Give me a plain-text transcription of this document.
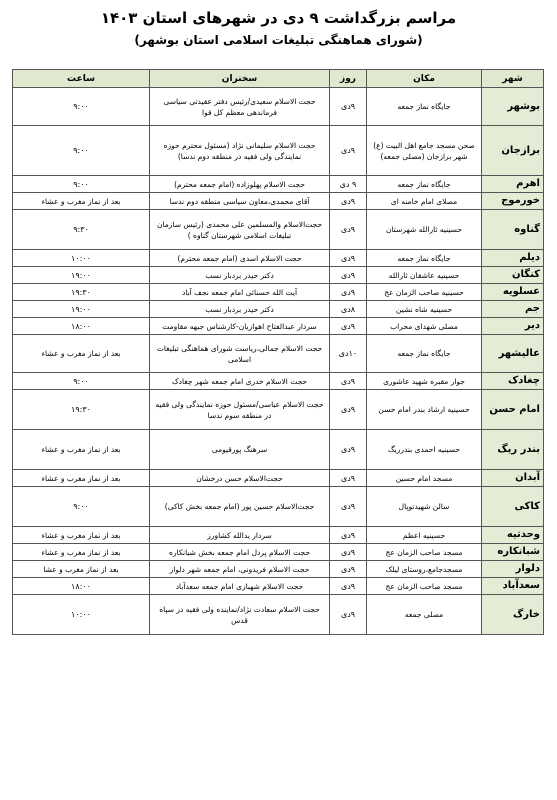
مراسم بزرگداشت ۹ دی در شهرهای استان ۱۴۰۳
(شورای هماهنگی تبلیغات اسلامی استان بوشهر)
شهر	مکان	روز	سخنران	ساعت
بوشهر	جایگاه نماز جمعه	۹دی	حجت الاسلام سعیدی/رئیس دفتر عقیدتی سیاسی فرماندهی معظم کل قوا	۹:۰۰
برازجان	صحن مسجد جامع اهل البیت (ع) شهر برازجان (مصلی جمعه)	۹دی	حجت الاسلام سلیمانی نژاد (مسئول محترم حوزه نمایندگی ولی فقیه در منطقه دوم ندسا)	۹:۰۰
اهرم	جایگاه نماز جمعه	۹ دی	حجت الاسلام پهلوزاده (امام جمعه محترم)	۹:۰۰
خورموج	مصلای امام خامنه ای	۹دی	آقای محمدی،معاون سیاسی منطقه دوم ندسا	بعد از نماز مغرب و عشاء
گناوه	حسینیه ثارالله شهرستان	۹دی	حجت‌الاسلام والمسلمین علی محمدی (رئیس سازمان تبلیغات اسلامی شهرستان گناوه )	۹:۳۰
دیلم	جایگاه نماز جمعه	۹دی	حجت الاسلام اسدی (امام جمعه محترم)	۱۰:۰۰
کنگان	حسینیه عاشقان ثارالله	۹دی	دکتر حیدر بردبار نسب	۱۹:۰۰
عسلویه	حسینیه صاحب الزمان عج	۹دی	آیت الله حسنائی امام جمعه نجف آباد	۱۹:۳۰
جم	حسینیه شاه نشین	۸دی	دکتر حیدر بردبار نسب	۱۹:۰۰
دیر	مصلی شهدای محراب	۹دی	سردار عبدالفتاح اهوازیان-کارشناس جبهه مقاومت	۱۸:۰۰
عالیشهر	جایگاه نماز جمعه	۱۰دی	حجت الاسلام جمالی،ریاست شورای هماهنگی تبلیغات اسلامی	بعد از نماز مغرب و عشاء
چغادک	جوار مقبره شهید عاشوری	۹دی	حجت الاسلام خدری امام جمعه شهر چغادک	۹:۰۰
امام حسن	حسینیه ارشاد بندر امام حسن	۹دی	حجت الاسلام عباسی/مسئول حوزه نمایندگی ولی فقیه در منطقه سوم ندسا	۱۹:۳۰
بندر ریگ	حسینیه احمدی بندرریگ	۹دی	سرهنگ پورقیومی	بعد از نماز مغرب و عشاء
آبدان	مسجد امام حسین	۹دی	حجت‌الاسلام حسن درخشان	بعد از نماز مغرب و عشاء
کاکی	سالن شهیدتوپال	۹دی	حجت‌الاسلام حسین پور (امام جمعه بخش کاکی)	۹:۰۰
وحدتیه	حسینیه اعظم	۹دی	سردار یدالله کشاورز	بعد از نماز مغرب و عشاء
شبانکاره	مسجد صاحب الزمان عج	۹دی	حجت الاسلام پردل امام جمعه بخش شبانکاره	بعد از نماز مغرب و عشاء
دلوار	مسجدجامع،روستای لیلک	۹دی	حجت الاسلام فریدونی، امام جمعه شهر دلوار	بعد از نماز مغرب و عشا
سعدآباد	مسجد صاحب الزمان عج	۹دی	حجت الاسلام شهبازی امام جمعه سعدآباد	۱۸:۰۰
خارگ	مصلی جمعه	۹دی	حجت الاسلام سعادت نژاد/نماینده ولی فقیه در سپاه قدس	۱۰:۰۰
